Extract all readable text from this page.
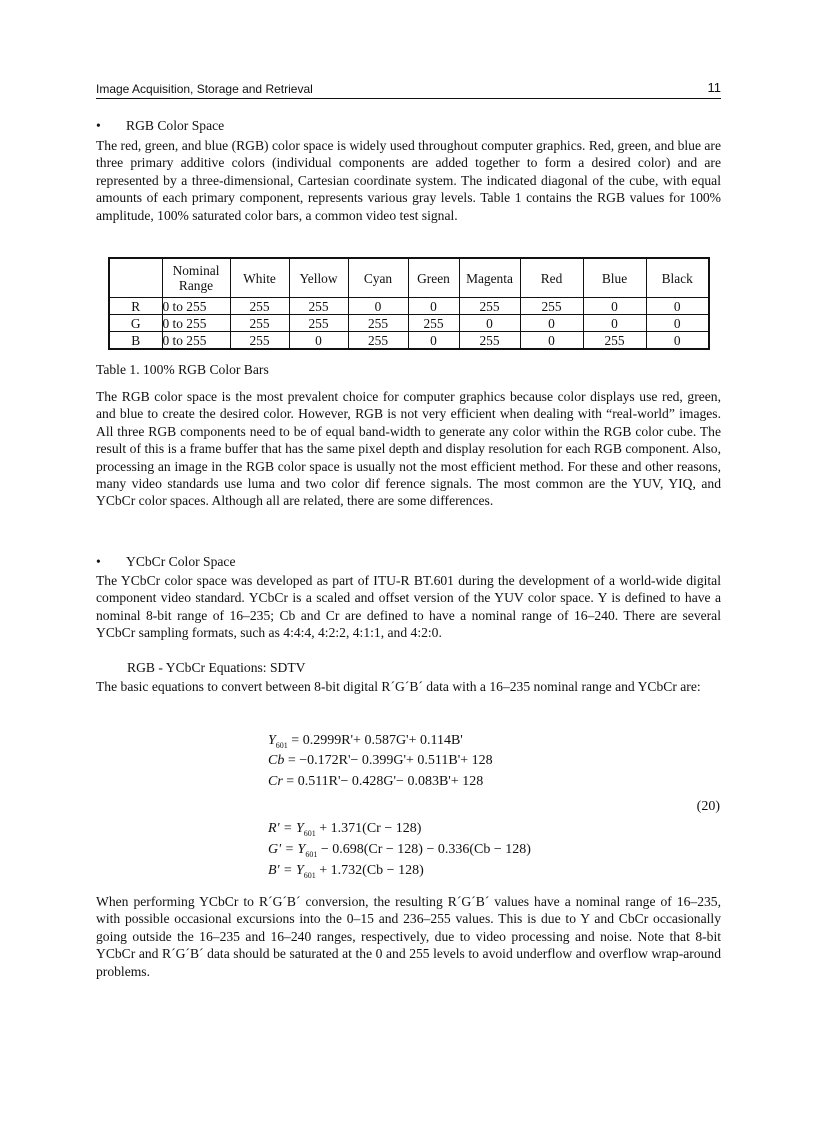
Image Acquisition, Storage and Retrieval	11
• RGB Color Space

The red, green, and blue (RGB) color space is widely used throughout computer graphics. Red, green, and blue are three primary additive colors (individual components are added together to form a desired color) and are represented by a three-dimensional, Cartesian coordinate system. The indicated diagonal of the cube, with equal amounts of each primary component, represents various gray levels. Table 1 contains the RGB values for 100% amplitude, 100% saturated color bars, a common video test signal.

	Nominal Range	White	Yellow	Cyan	Green	Magenta	Red	Blue	Black
R	0 to 255	255	255	0	0	255	255	0	0
G	0 to 255	255	255	255	255	0	0	0	0
B	0 to 255	255	0	255	0	255	0	255	0
Table 1. 100% RGB Color Bars

The RGB color space is the most prevalent choice for computer graphics because color displays use red, green, and blue to create the desired color. However, RGB is not very efficient when dealing with “real-world” images. All three RGB components need to be of equal band-width to generate any color within the RGB color cube. The result of this is a frame buffer that has the same pixel depth and display resolution for each RGB component. Also, processing an image in the RGB color space is usually not the most efficient method. For these and other reasons, many video standards use luma and two color dif ference signals. The most common are the YUV, YIQ, and YCbCr color spaces. Although all are related, there are some differences.

• YCbCr Color Space

The YCbCr color space was developed as part of ITU-R BT.601 during the development of a world-wide digital component video standard. YCbCr is a scaled and offset version of the YUV color space. Y is defined to have a nominal 8-bit range of 16–235; Cb and Cr are defined to have a nominal range of 16–240. There are several YCbCr sampling formats, such as 4:4:4, 4:2:2, 4:1:1, and 4:2:0.

RGB - YCbCr Equations: SDTV

The basic equations to convert between 8-bit digital R´G´B´ data with a 16–235 nominal range and YCbCr are:

$Y_{601} = 0.2999R'+ 0.587G'+ 0.114B'$
Cb = −0.172R'− 0.399G'+ 0.511B'+ 128
Cr = 0.511R'− 0.428G'− 0.083B'+ 128
(20)
$R' = Y_{601} + 1.371(Cr - 128)$
$G' = Y_{601} - 0.698(Cr - 128) - 0.336(Cb - 128)$
$B' = Y_{601} + 1.732(Cb - 128)$

When performing YCbCr to R´G´B´ conversion, the resulting R´G´B´ values have a nominal range of 16–235, with possible occasional excursions into the 0–15 and 236–255 values. This is due to Y and CbCr occasionally going outside the 16–235 and 16–240 ranges, respectively, due to video processing and noise. Note that 8-bit YCbCr and R´G´B´ data should be saturated at the 0 and 255 levels to avoid underflow and overflow wrap-around problems.
